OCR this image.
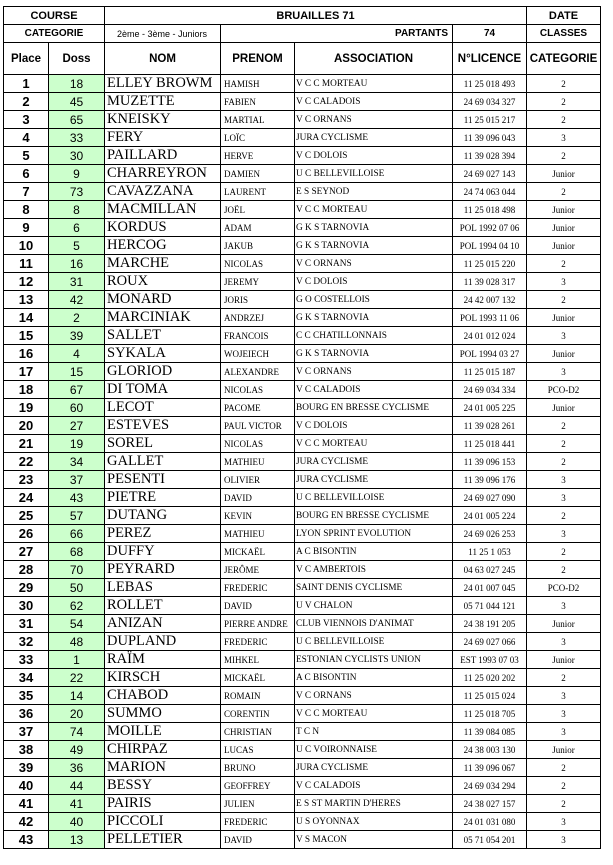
COURSE		BRUAILLES 71				DATE
CATEGORIE		2ème - 3ème - Juniors	PARTANTS		74	CLASSES
Place	Doss	NOM	PRENOM	ASSOCIATION	N°LICENCE	CATEGORIE
1	18	ELLEY BROWM	HAMISH	V C C MORTEAU	11 25 018 493	2
2	45	MUZETTE	FABIEN	V C CALADOIS	24 69 034 327	2
3	65	KNEISKY	MARTIAL	V C ORNANS	11 25 015 217	2
4	33	FERY	LOÏC	JURA CYCLISME	11 39 096 043	3
5	30	PAILLARD	HERVE	V C DOLOIS	11 39 028 394	2
6	9	CHARREYRON	DAMIEN	U C BELLEVILLOISE	24 69 027 143	Junior
7	73	CAVAZZANA	LAURENT	E S SEYNOD	24 74 063 044	2
8	8	MACMILLAN	JOËL	V C C MORTEAU	11 25 018 498	Junior
9	6	KORDUS	ADAM	G K S TARNOVIA	POL 1992 07 06	Junior
10	5	HERCOG	JAKUB	G K S TARNOVIA	POL 1994 04 10	Junior
11	16	MARCHE	NICOLAS	V C ORNANS	11 25 015 220	2
12	31	ROUX	JEREMY	V C DOLOIS	11 39 028 317	3
13	42	MONARD	JORIS	G O COSTELLOIS	24 42 007 132	2
14	2	MARCINIAK	ANDRZEJ	G K S TARNOVIA	POL 1993 11 06	Junior
15	39	SALLET	FRANCOIS	C C CHATILLONNAIS	24 01 012 024	3
16	4	SYKALA	WOJEIECH	G K S TARNOVIA	POL 1994 03 27	Junior
17	15	GLORIOD	ALEXANDRE	V C ORNANS	11 25 015 187	3
18	67	DI TOMA	NICOLAS	V C CALADOIS	24 69 034 334	PCO-D2
19	60	LECOT	PACOME	BOURG EN BRESSE CYCLISME	24 01 005 225	Junior
20	27	ESTEVES	PAUL VICTOR	V C DOLOIS	11 39 028 261	2
21	19	SOREL	NICOLAS	V C C MORTEAU	11 25 018 441	2
22	34	GALLET	MATHIEU	JURA CYCLISME	11 39 096 153	2
23	37	PESENTI	OLIVIER	JURA CYCLISME	11 39 096 176	3
24	43	PIETRE	DAVID	U C BELLEVILLOISE	24 69 027 090	3
25	57	DUTANG	KEVIN	BOURG EN BRESSE CYCLISME	24 01 005 224	2
26	66	PEREZ	MATHIEU	LYON SPRINT EVOLUTION	24 69 026 253	3
27	68	DUFFY	MICKAËL	A C BISONTIN	11 25 1 053	2
28	70	PEYRARD	JERÔME	V C AMBERTOIS	04 63 027 245	2
29	50	LEBAS	FREDERIC	SAINT DENIS CYCLISME	24 01 007 045	PCO-D2
30	62	ROLLET	DAVID	U V CHALON	05 71 044 121	3
31	54	ANIZAN	PIERRE ANDRE	CLUB VIENNOIS D'ANIMAT	24 38 191 205	Junior
32	48	DUPLAND	FREDERIC	U C BELLEVILLOISE	24 69 027 066	3
33	1	RAÏM	MIHKEL	ESTONIAN CYCLISTS UNION	EST 1993 07 03	Junior
34	22	KIRSCH	MICKAËL	A C BISONTIN	11 25 020 202	2
35	14	CHABOD	ROMAIN	V C ORNANS	11 25 015 024	3
36	20	SUMMO	CORENTIN	V C C MORTEAU	11 25 018 705	3
37	74	MOILLE	CHRISTIAN	T C N	11 39 084 085	3
38	49	CHIRPAZ	LUCAS	U C VOIRONNAISE	24 38 003 130	Junior
39	36	MARION	BRUNO	JURA CYCLISME	11 39 096 067	2
40	44	BESSY	GEOFFREY	V C CALADOIS	24 69 034 294	2
41	41	PAIRIS	JULIEN	E S ST MARTIN D'HERES	24 38 027 157	2
42	40	PICCOLI	FREDERIC	U S OYONNAX	24 01 031 080	3
43	13	PELLETIER	DAVID	V S MACON	05 71 054 201	3
